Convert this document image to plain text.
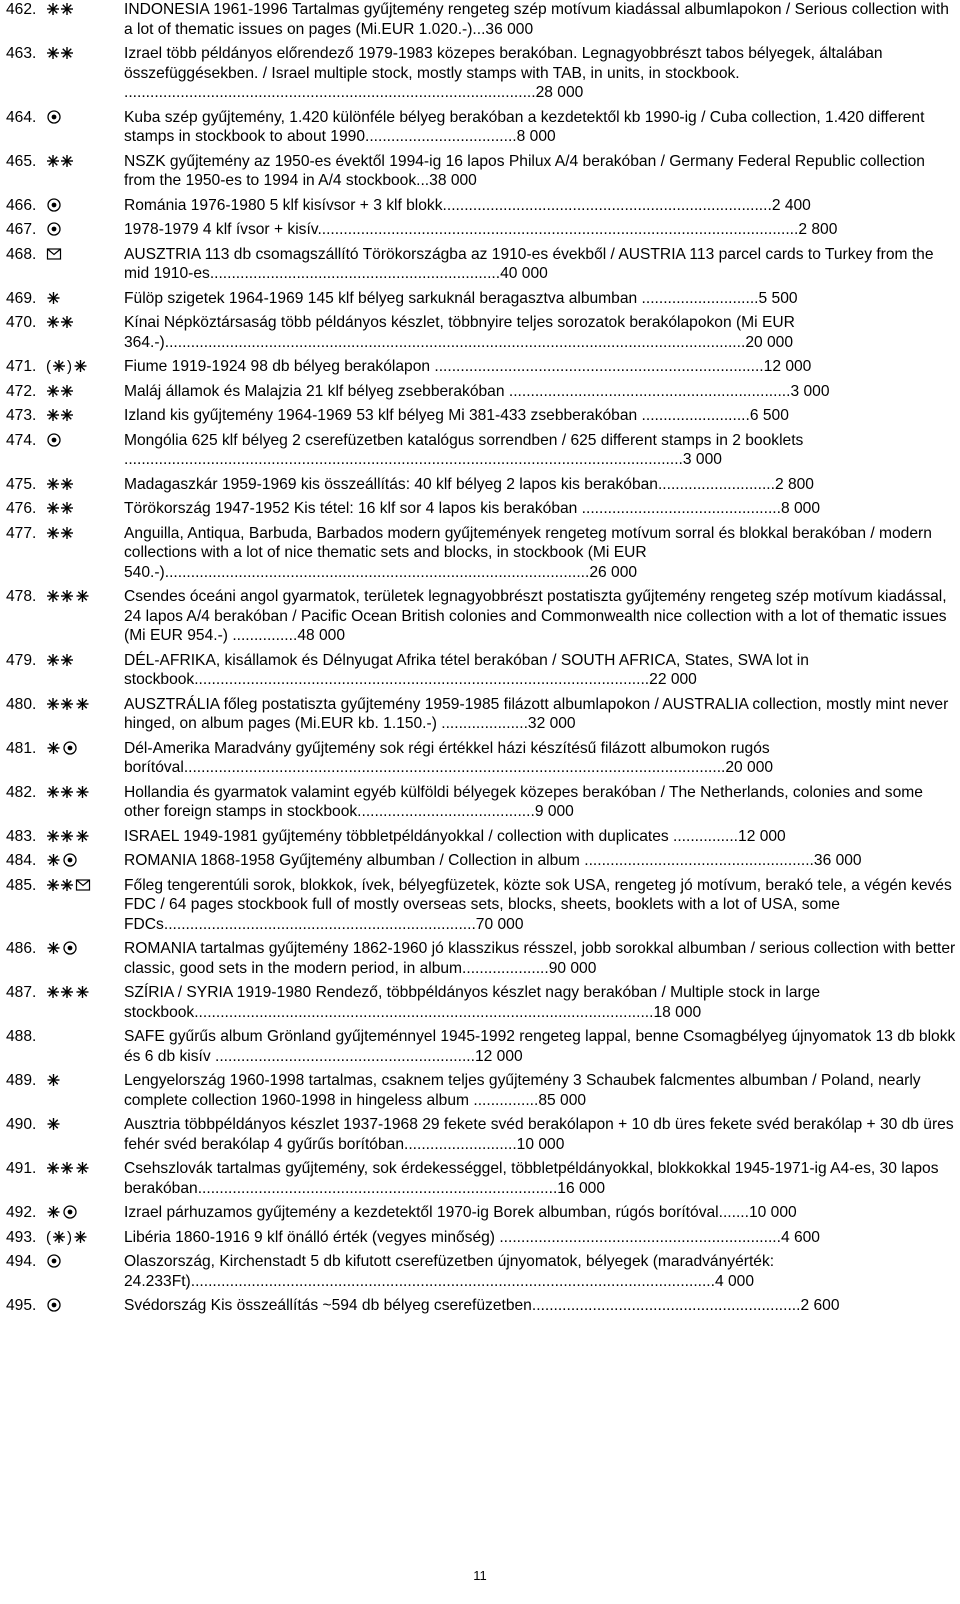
462.	INDONESIA 1961-1996 Tartalmas gyűjtemény rengeteg szép motívum kiadással albumlapokon / Serious collection with a lot of thematic issues on pages (Mi.EUR 1.020.-)...36 000
463.	Izrael több példányos előrendező 1979-1983 közepes berakóban. Legnagyobbrészt tabos bélyegek, általában összefüggésekben. / Israel multiple stock, mostly stamps with TAB, in units, in stockbook. ...............................................................................................28 000
464.	Kuba szép gyűjtemény, 1.420 különféle bélyeg berakóban a kezdetektől kb 1990-ig / Cuba collection, 1.420 different stamps in stockbook to about 1990...................................8 000
465.	NSZK gyűjtemény az 1950-es évektől 1994-ig 16 lapos Philux A/4 berakóban / Germany Federal Republic collection from the 1950-es to 1994 in A/4 stockbook...38 000
466.	Románia 1976-1980 5 klf kisívsor + 3 klf blokk............................................................................2 400
467.	1978-1979 4 klf ívsor + kisív...............................................................................................................2 800
468.	AUSZTRIA 113 db csomagszállító Törökországba az 1910-es évekből / AUSTRIA 113 parcel cards to Turkey from the mid 1910-es...................................................................40 000
469.	Fülöp szigetek 1964-1969 145 klf bélyeg sarkuknál beragasztva albumban ...........................5 500
470.	Kínai Népköztársaság több példányos készlet, többnyire teljes sorozatok berakólapokon (Mi EUR 364.-)......................................................................................................................................20 000
471. ( )	Fiume 1919-1924 98 db bélyeg berakólapon ............................................................................12 000
472.	Maláj államok és Malajzia 21 klf bélyeg zsebberakóban .................................................................3 000
473.	Izland kis gyűjtemény 1964-1969 53 klf bélyeg Mi 381-433 zsebberakóban .........................6 500
474.	Mongólia 625 klf bélyeg 2 cserefüzetben katalógus sorrendben / 625 different stamps in 2 booklets .................................................................................................................................3 000
475.	Madagaszkár 1959-1969 kis összeállítás: 40 klf bélyeg 2 lapos kis berakóban...........................2 800
476.	Törökország 1947-1952 Kis tétel: 16 klf sor 4 lapos kis berakóban ..............................................8 000
477.	Anguilla, Antiqua, Barbuda, Barbados modern gyűjtemények rengeteg motívum sorral és blokkal berakóban / modern collections with a lot of nice thematic sets and blocks, in stockbook (Mi EUR 540.-)..................................................................................................26 000
478.	Csendes óceáni angol gyarmatok, területek legnagyobbrészt postatiszta gyűjtemény rengeteg szép motívum kiadással, 24 lapos A/4 berakóban / Pacific Ocean British colonies and Commonwealth nice collection with a lot of thematic issues (Mi EUR 954.-) ...............48 000
479.	DÉL-AFRIKA, kisállamok és Délnyugat Afrika tétel berakóban / SOUTH AFRICA, States, SWA lot in stockbook.........................................................................................................22 000
480.	AUSZTRÁLIA főleg postatiszta gyűjtemény 1959-1985 filázott albumlapokon / AUSTRALIA collection, mostly mint never hinged, on album pages (Mi.EUR kb. 1.150.-) ....................32 000
481.	Dél-Amerika Maradvány gyűjtemény sok régi értékkel házi készítésű filázott albumokon rugós borítóval.............................................................................................................................20 000
482.	Hollandia és gyarmatok valamint egyéb külföldi bélyegek közepes berakóban / The Netherlands, colonies and some other foreign stamps in stockbook.........................................9 000
483.	ISRAEL 1949-1981 gyűjtemény többletpéldányokkal / collection with duplicates ...............12 000
484.	ROMANIA 1868-1958 Gyűjtemény albumban / Collection in album .....................................................36 000
485.	Főleg tengerentúli sorok, blokkok, ívek, bélyegfüzetek, közte sok USA, rengeteg jó motívum, berakó tele, a végén kevés FDC / 64 pages stockbook full of mostly overseas sets, blocks, sheets, booklets with a lot of USA, some FDCs........................................................................70 000
486.	ROMANIA tartalmas gyűjtemény 1862-1960 jó klasszikus résszel, jobb sorokkal albumban / serious collection with better classic, good sets in the modern period, in album....................90 000
487.	SZÍRIA / SYRIA 1919-1980 Rendező, többpéldányos készlet nagy berakóban / Multiple stock in large stockbook..........................................................................................................18 000
488.	SAFE gyűrűs album Grönland gyűjteménnyel 1945-1992 rengeteg lappal, benne Csomagbélyeg újnyomatok 13 db blokk és 6 db kisív ............................................................12 000
489.	Lengyelország 1960-1998 tartalmas, csaknem teljes gyűjtemény 3 Schaubek falcmentes albumban / Poland, nearly complete collection 1960-1998 in hingeless album ...............85 000
490.	Ausztria többpéldányos készlet 1937-1968 29 fekete svéd berakólapon + 10 db üres fekete svéd berakólap + 30 db üres fehér svéd berakólap 4 gyűrűs borítóban..........................10 000
491.	Csehszlovák tartalmas gyűjtemény, sok érdekességgel, többletpéldányokkal, blokkokkal 1945-1971-ig A4-es, 30 lapos berakóban...................................................................................16 000
492.	Izrael párhuzamos gyűjtemény a kezdetektől 1970-ig Borek albumban, rúgós borítóval.......10 000
493. ( )	Libéria 1860-1916 9 klf önálló érték (vegyes minőség) .................................................................4 600
494.	Olaszország, Kirchenstadt 5 db kifutott cserefüzetben újnyomatok, bélyegek (maradványérték: 24.233Ft).........................................................................................................................4 000
495.	Svédország Kis összeállítás ~594 db bélyeg cserefüzetben..............................................................2 600
11
